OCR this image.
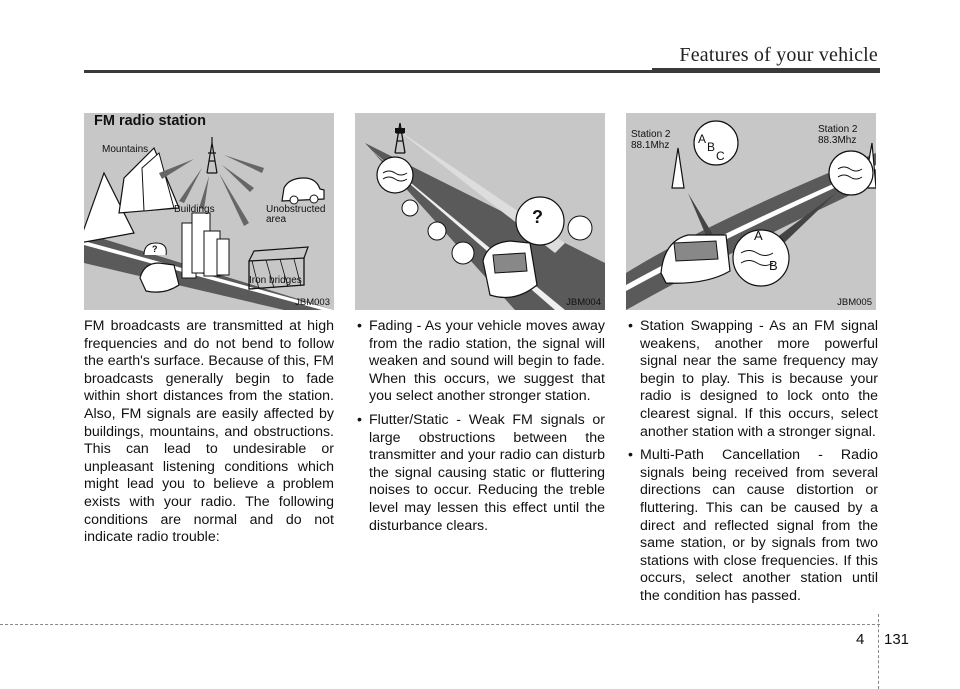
Features of your vehicle
FM radio station
Mountains
Buildings	Unobstructed
area
Iron bridges
?
JBM003
?
JBM004
Station 2
88.1Mhz
Station 2
88.3Mhz
A
B
C
A
B
JBM005

FM broadcasts are transmitted at high frequencies and do not bend to follow the earth's surface. Because of this, FM broadcasts generally begin to fade within short distances from the station. Also, FM signals are easily affected by buildings, mountains, and obstructions. This can lead to undesirable or unpleasant listening conditions which might lead you to believe a problem exists with your radio. The following conditions are normal and do not indicate radio trouble:

• Fading - As your vehicle moves away from the radio station, the signal will weaken and sound will begin to fade. When this occurs, we suggest that you select another stronger station.
• Flutter/Static - Weak FM signals or large obstructions between the transmitter and your radio can disturb the signal causing static or fluttering noises to occur. Reducing the treble level may lessen this effect until the disturbance clears.
• Station Swapping - As an FM signal weakens, another more powerful signal near the same frequency may begin to play. This is because your radio is designed to lock onto the clearest signal. If this occurs, select another station with a stronger signal.
• Multi-Path Cancellation - Radio signals being received from several directions can cause distortion or fluttering. This can be caused by a direct and reflected signal from the same station, or by signals from two stations with close frequencies. If this occurs, select another station until the condition has passed.
4 131
